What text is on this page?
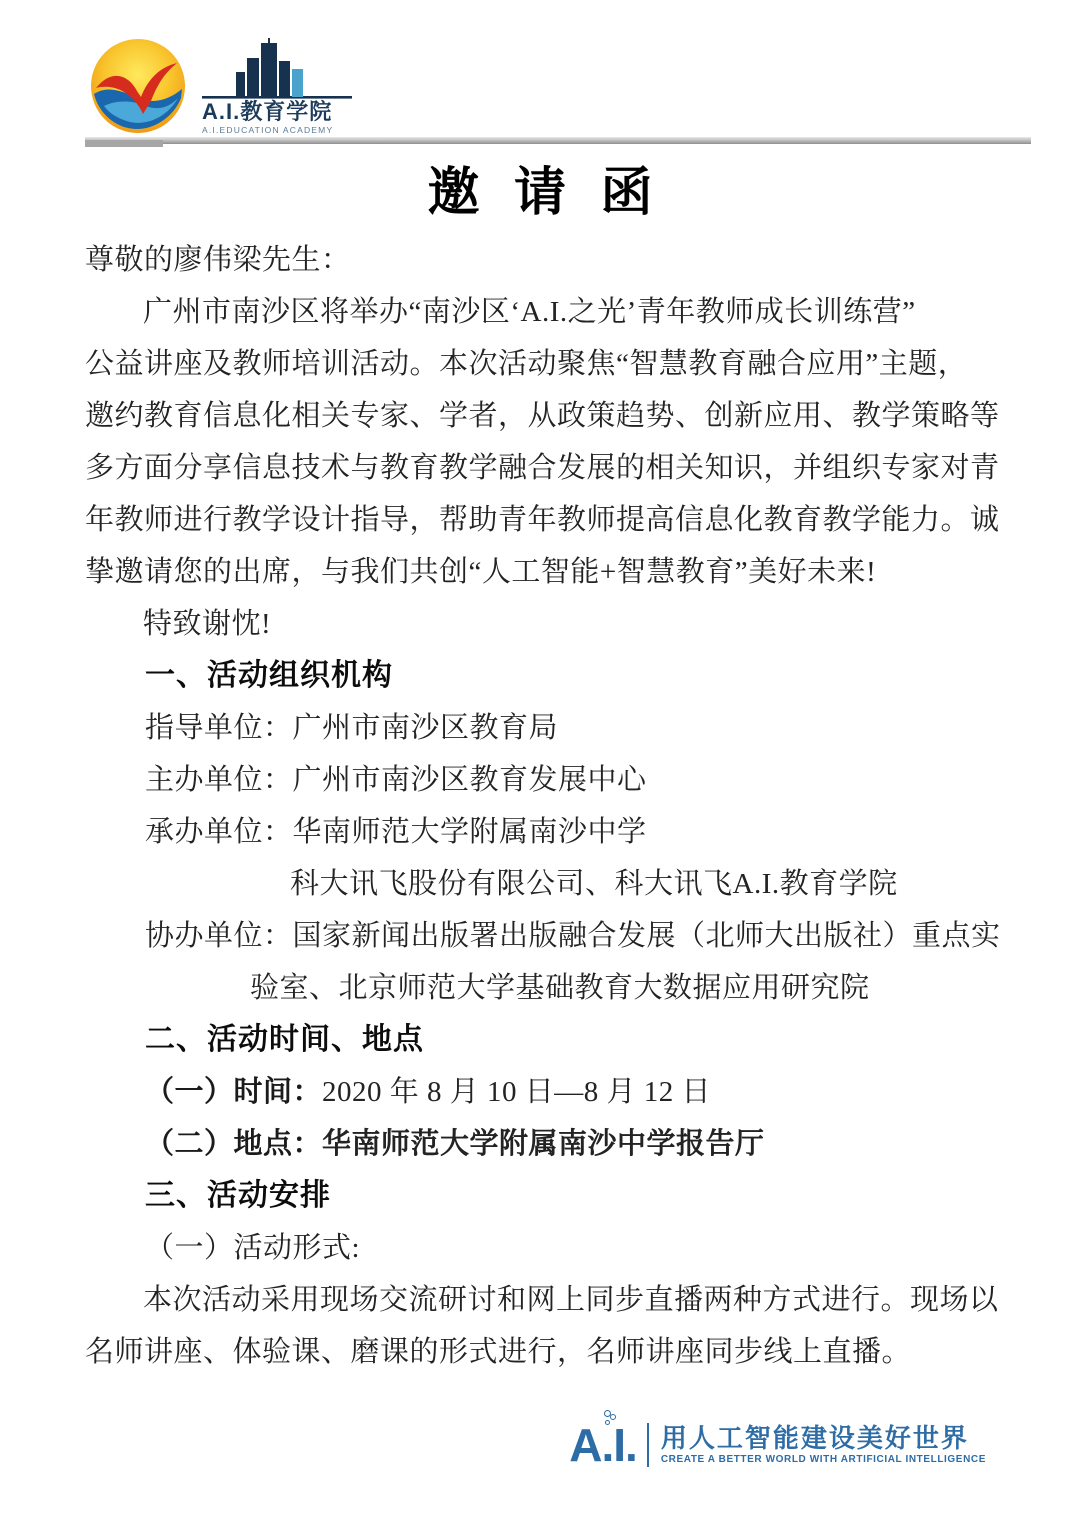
A.I.教育学院
A.I.EDUCATION ACADEMY
邀 请 函
尊敬的廖伟梁先生：
广州市南沙区将举办“南沙区‘A.I.之光’青年教师成长训练营”
公益讲座及教师培训活动。本次活动聚焦“智慧教育融合应用”主题，
邀约教育信息化相关专家、学者，从政策趋势、创新应用、教学策略等
多方面分享信息技术与教育教学融合发展的相关知识，并组织专家对青
年教师进行教学设计指导，帮助青年教师提高信息化教育教学能力。诚
挚邀请您的出席，与我们共创“人工智能+智慧教育”美好未来!
特致谢忱!
一、活动组织机构
指导单位：广州市南沙区教育局
主办单位：广州市南沙区教育发展中心
承办单位：华南师范大学附属南沙中学
科大讯飞股份有限公司、科大讯飞A.I.教育学院
协办单位：国家新闻出版署出版融合发展（北师大出版社）重点实
验室、北京师范大学基础教育大数据应用研究院
二、活动时间、地点
（一）时间：2020 年 8 月 10 日—8 月 12 日
（二）地点：华南师范大学附属南沙中学报告厅
三、活动安排
（一）活动形式:
本次活动采用现场交流研讨和网上同步直播两种方式进行。现场以
名师讲座、体验课、磨课的形式进行，名师讲座同步线上直播。
A.I. 用人工智能建设美好世界
CREATE A BETTER WORLD WITH ARTIFICIAL INTELLIGENCE
